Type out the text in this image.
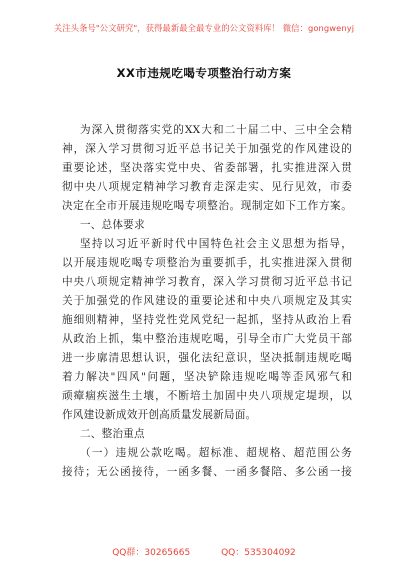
关注头条号"公文研究"，获得最新最全最专业的公文资料库！ 微信：gongwenyj
XX市违规吃喝专项整治行动方案
为深入贯彻落实党的XX大和二十届二中、三中全会精
神，深入学习贯彻习近平总书记关于加强党的作风建设的
重要论述，坚决落实党中央、省委部署，扎实推进深入贯
彻中央八项规定精神学习教育走深走实、见行见效，市委
决定在全市开展违规吃喝专项整治。现制定如下工作方案。
一、总体要求
坚持以习近平新时代中国特色社会主义思想为指导，
以开展违规吃喝专项整治为重要抓手，扎实推进深入贯彻
中央八项规定精神学习教育，深入学习贯彻习近平总书记
关于加强党的作风建设的重要论述和中央八项规定及其实
施细则精神，坚持党性党风党纪一起抓，坚持从政治上看
从政治上抓，集中整治违规吃喝，引导全市广大党员干部
进一步廓清思想认识，强化法纪意识，坚决抵制违规吃喝
着力解决"四风"问题，坚决铲除违规吃喝等歪风邪气和
顽瘴痼疾滋生土壤，不断培土加固中央八项规定堤坝，以
作风建设新成效开创高质量发展新局面。
二、整治重点
（一）违规公款吃喝。超标准、超规格、超范围公务
接待；无公函接待，一函多餐、一函多餐陪、多公函一接
QQ群：30265665	QQ：535304092
